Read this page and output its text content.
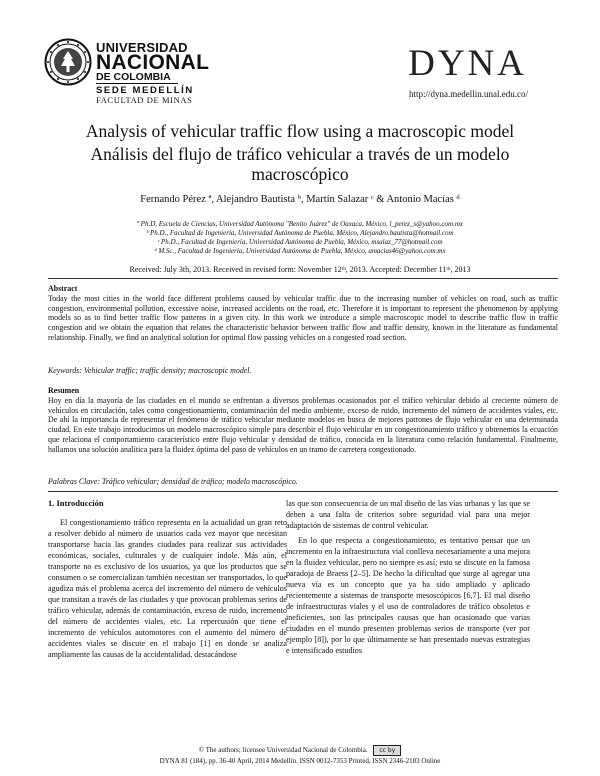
UNIVERSIDAD
NACIONAL
DE COLOMBIA
SEDE MEDELLÍN
FACULTAD DE MINAS
DYNA
http://dyna.medellin.unal.edu.co/
Analysis of vehicular traffic flow using a macroscopic model
Análisis del flujo de tráfico vehicular a través de un modelo
macroscópico
Fernando Pérez ª, Alejandro Bautista ᵇ, Martín Salazar ᶜ & Antonio Macías ᵈ
ª Ph.D, Escuela de Ciencias, Universidad Autónoma "Benito Juárez" de Oaxaca, México, l_perez_s@yahoo.com.mx
ᵇ Ph.D., Facultad de Ingeniería, Universidad Autónoma de Puebla, México, Alejandro.bautista@hotmail.com
ᶜ Ph.D., Facultad de Ingeniería, Universidad Autónoma de Puebla, México, msalaz_77@hotmail.com
ᵈ M.Sc., Facultad de Ingeniería, Universidad Autónoma de Puebla, México, amacias46@yahoo.com.mx
Received: July 3th, 2013. Received in revised form: November 12ᵗʰ, 2013. Accepted: December 11ᵗʰ, 2013
Abstract

Today the most cities in the world face different problems caused by vehicular traffic due to the increasing number of vehicles on road, such as traffic congestion, environmental pollution, excessive noise, increased accidents on the road, etc. Therefore it is important to represent the phenomenon by applying models so as to find better traffic flow patterns in a given city. In this work we introduce a simple macroscopic model to describe traffic flow in traffic congestion and we obtain the equation that relates the characteristic behavior between traffic flow and traffic density, known in the literature as fundamental relationship. Finally, we find an analytical solution for optimal flow passing vehicles on a congested road section.

Keywords: Vehicular traffic; traffic density; macroscopic model.

Resumen

Hoy en día la mayoría de las ciudades en el mundo se enfrentan a diversos problemas ocasionados por el tráfico vehicular debido al creciente número de vehículos en circulación, tales como congestionamiento, contaminación del medio ambiente, exceso de ruido, incremento del número de accidentes viales, etc. De ahí la importancia de representar el fenómeno de tráfico vehicular mediante modelos en busca de mejores patrones de flujo vehicular en una determinada ciudad. En este trabajo introducimos un modelo macroscópico simple para describir el flujo vehicular en un congestionamiento tráfico y obtenemos la ecuación que relaciona el comportamiento característico entre flujo vehicular y densidad de tráfico, conocida en la literatura como relación fundamental. Finalmente, hallamos una solución analítica para la fluidez óptima del paso de vehículos en un tramo de carretera congestionado.

Palabras Clave: Tráfico vehicular; densidad de tráfico; modelo macroscópico.

1. Introducción

El congestionamiento tráfico representa en la actualidad un gran reto a resolver debido al número de usuarios cada vez mayor que necesitan transportarse hacia las grandes ciudades para realizar sus actividades económicas, sociales, culturales y de cualquier índole. Más aún, el transporte no es exclusivo de los usuarios, ya que los productos que se consumen o se comercializan también necesitan ser transportados, lo que agudiza más el problema acerca del incremento del número de vehículos que transitan a través de las ciudades y que provocan problemas serios de tráfico vehicular, además de contaminación, exceso de ruido, incremento del número de accidentes viales, etc. La repercusión que tiene el incremento de vehículos automotores con el aumento del número de accidentes viales se discute en el trabajo [1] en donde se analiza ampliamente las causas de la accidentalidad, destacándose

las que son consecuencia de un mal diseño de las vías urbanas y las que se deben a una falta de criterios sobre seguridad vial para una mejor adaptación de sistemas de control vehicular.

En lo que respecta a congestionamiento, es tentativo pensar que un incremento en la infraestructura vial conlleva necesariamente a una mejora en la fluidez vehicular, pero no siempre es así; esto se discute en la famosa paradoja de Braess [2–5]. De hecho la dificultad que surge al agregar una nueva vía es un concepto que ya ha sido ampliado y aplicado recientemente a sistemas de transporte mesoscópicos [6,7]. El mal diseño de infraestructuras viales y el uso de controladores de tráfico obsoletos e ineficientes, son las principales causas que han ocasionado que varias ciudades en el mundo presenten problemas serios de transporte (ver por ejemplo [8]), por lo que últimamente se han presentado nuevas estrategias e intensificado estudios

© The authors; licensee Universidad Nacional de Colombia. cc by
DYNA 81 (184), pp. 36-40 April, 2014 Medellín. ISSN 0012-7353 Printed, ISSN 2346-2183 Online
